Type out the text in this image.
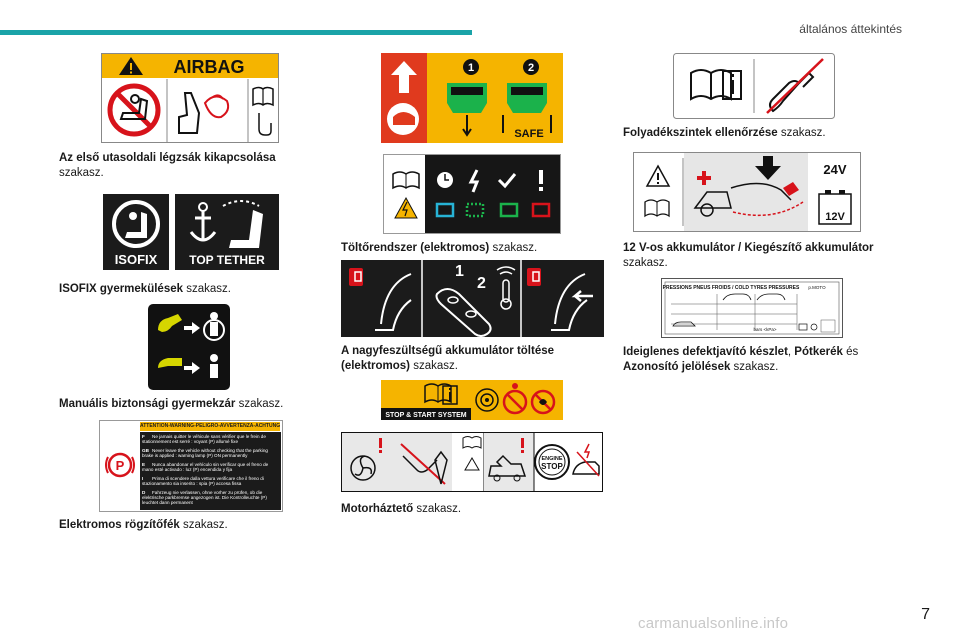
általános áttekintés
AIRBAG
Az első utasoldali légzsák kikapcsolása
szakasz.
ISOFIX	TOP TETHER
ISOFIX gyermekülések szakasz.
Manuális biztonsági gyermekzár szakasz.
ATTENTION-WARNING-PELIGRO-AVVERTENZA-ACHTUNG
P
F Ne jamais quitter le véhicule sans vérifier que le frein de stationnement est serré : voyant (P) allumé fixe
GB Never leave the vehicle without checking that the parking brake is applied : warning lamp (P) ON permanently
E Nunca abandonar el vehículo sin verificar que el freno de mano esté activado : luz (P) encendida y fija
I Prima di scendere dalla vettura verificare che il freno di stazionamento sia inserito : spia (P) accesa fissa
D Fahrzeug nie verlassen, ohne vorher zu prüfen, ob die elektrische parkbremse angezogen ist. Die Kontrolleuchte (P) leuchtet dann permanent
Elektromos rögzítőfék szakasz.
1	2
SAFE
Töltőrendszer (elektromos) szakasz.
1
2
A nagyfeszültségű akkumulátor töltése (elektromos) szakasz.
STOP & START SYSTEM
ENGINE
STOP
Motorháztető szakasz.
Folyadékszintek ellenőrzése szakasz.
24V
12V
12 V-os akkumulátor / Kiegészítő akkumulátor
szakasz.
PRESSIONS PNEUS FROIDS / COLD TYRES PRESSURES p.MOTO
bars <kPa>
Ideiglenes defektjavító készlet, Pótkerék és
Azonosító jelölések szakasz.
7
carmanualsonline.info
